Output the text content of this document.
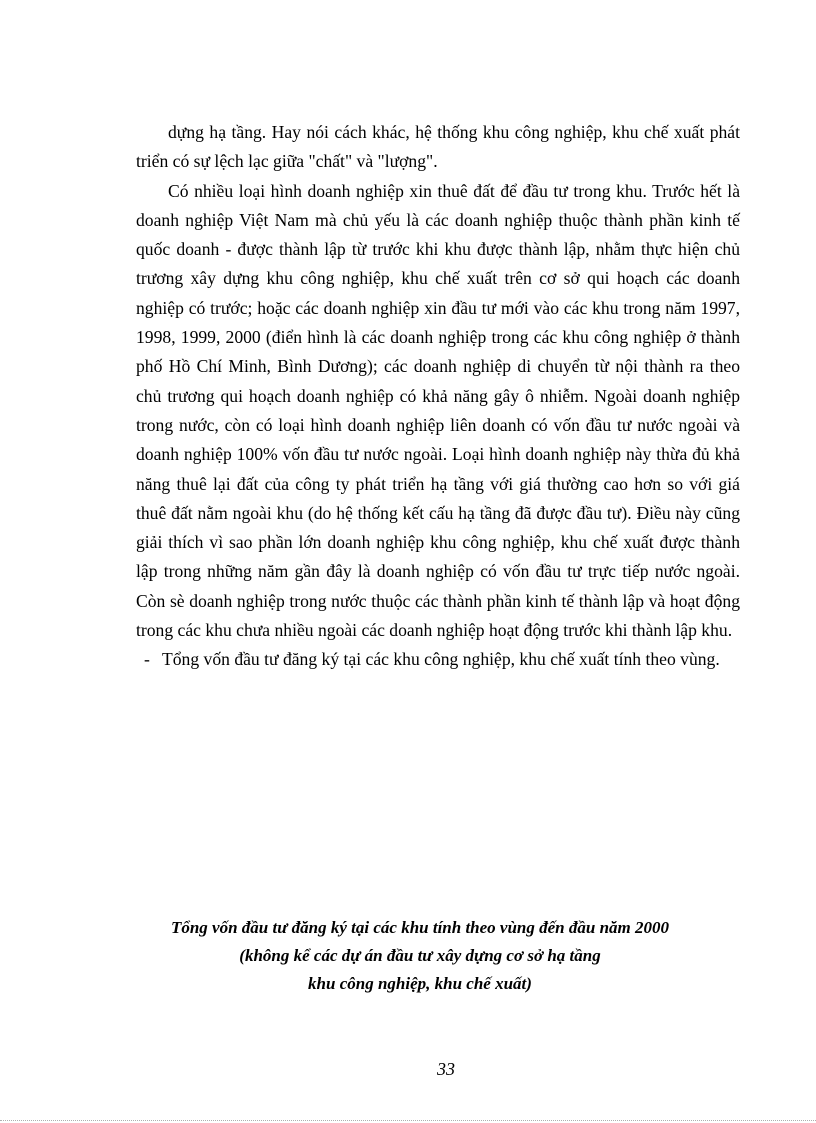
dựng hạ tầng. Hay nói cách khác, hệ thống khu công nghiệp, khu chế xuất phát triển có sự lệch lạc giữa "chất" và "lượng".

Có nhiều loại hình doanh nghiệp xin thuê đất để đầu tư trong khu. Trước hết là doanh nghiệp Việt Nam mà chủ yếu là các doanh nghiệp thuộc thành phần kinh tế quốc doanh - được thành lập từ trước khi khu được thành lập, nhằm thực hiện chủ trương xây dựng khu công nghiệp, khu chế xuất trên cơ sở qui hoạch các doanh nghiệp có trước; hoặc các doanh nghiệp xin đầu tư mới vào các khu trong năm 1997, 1998, 1999, 2000 (điển hình là các doanh nghiệp trong các khu công nghiệp ở thành phố Hồ Chí Minh, Bình Dương); các doanh nghiệp di chuyển từ nội thành ra theo chủ trương qui hoạch doanh nghiệp có khả năng gây ô nhiễm. Ngoài doanh nghiệp trong nước, còn có loại hình doanh nghiệp liên doanh có vốn đầu tư nước ngoài và doanh nghiệp 100% vốn đầu tư nước ngoài. Loại hình doanh nghiệp này thừa đủ khả năng thuê lại đất của công ty phát triển hạ tầng với giá thường cao hơn so với giá thuê đất nằm ngoài khu (do hệ thống kết cấu hạ tầng đã được đầu tư). Điều này cũng giải thích vì sao phần lớn doanh nghiệp khu công nghiệp, khu chế xuất được thành lập trong những năm gần đây là doanh nghiệp có vốn đầu tư trực tiếp nước ngoài. Còn sè doanh nghiệp trong nước thuộc các thành phần kinh tế thành lập và hoạt động trong các khu chưa nhiều ngoài các doanh nghiệp hoạt động trước khi thành lập khu.

- Tổng vốn đầu tư đăng ký tại các khu công nghiệp, khu chế xuất tính theo vùng.
Tổng vốn đầu tư đăng ký tại các khu tính theo vùng đến đầu năm 2000
(không kể các dự án đầu tư xây dựng cơ sở hạ tầng
khu công nghiệp, khu chế xuất)
33
